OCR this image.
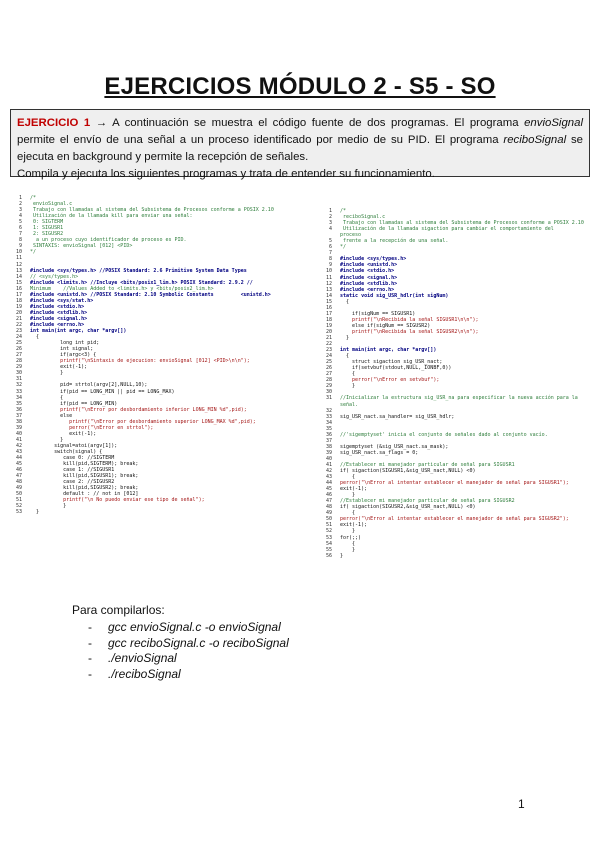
EJERCICIOS MÓDULO 2 - S5 - SO
EJERCICIO 1 → A continuación se muestra el código fuente de dos programas. El programa envioSignal permite el envío de una señal a un proceso identificado por medio de su PID. El programa reciboSignal se ejecuta en background y permite la recepción de señales.
Compila y ejecuta los siguientes programas y trata de entender su funcionamiento.
1 /*
2 envioSignal.c
3 Trabajo con llamadas al sistema del Subsistema de Procesos conforme a POSIX 2.10
4 Utilización de la llamada kill para enviar una señal:
5 0: SIGTERM
6 1: SIGUSR1
7 2: SIGUSR2
8  a un proceso cuyo identificador de proceso es PID.
9 SINTAXIS: envioSignal [012] <PID>
10 */
11
12
13 #include <sys/types.h> //POSIX Standard: 2.6 Primitive System Data Types
14 // <sys/types.h>
15 #include <limits.h> //Incluye <bits/posix1_lim.h> POSIX Standard: 2.9.2 //
16 Minimum    //Values Added to <limits.h> y <bits/posix2_lim.h>
17 #include <unistd.h> //POSIX Standard: 2.10 Symbolic Constants         <unistd.h>
18 #include <sys/stat.h>
19 #include <stdio.h>
20 #include <stdlib.h>
21 #include <signal.h>
22 #include <errno.h>
23 int main(int argc, char *argv[])
24  {
25          long int pid;
26          int signal;
27          if(argc<3) {
28          printf("\nSintaxis de ejecucion: envioSignal [012] <PID>\n\n");
29          exit(-1);
30          }
31
32          pid= strtol(argv[2],NULL,10);
33          if(pid == LONG_MIN || pid == LONG_MAX)
34          {
35          if(pid == LONG_MIN)
36          printf("\nError por desbordamiento inferior LONG_MIN %d",pid);
37          else
38             printf("\nError por desbordamiento superior LONG_MAX %d",pid);
39             perror("\nError en strtol");
40             exit(-1);
41          }
42        signal=atoi(argv[1]);
43        switch(signal) {
44           case 0: //SIGTERM
45           kill(pid,SIGTERM); break;
46           case 1: //SIGUSR1
47           kill(pid,SIGUSR1); break;
48           case 2: //SIGUSR2
49           kill(pid,SIGUSR2); break;
50           default : // not in [012]
51           printf("\n No puedo enviar ese tipo de señal");
52           }
53  }
1 /*
2 reciboSignal.c
3 Trabajo con llamadas al sistema del Subsistema de Procesos conforme a POSIX 2.10
4 Utilización de la llamada sigaction para cambiar el comportamiento del
proceso
5 frente a la recepción de una señal.
6 */
7
8 #include <sys/types.h>
9 #include <unistd.h>
10 #include <stdio.h>
11 #include <signal.h>
12 #include <stdlib.h>
13 #include <errno.h>
14 static void sig_USR_hdlr(int sigNum)
15  {
16
17    if(sigNum == SIGUSR1)
18    printf("\nRecibida la señal SIGUSR1\n\n");
19    else if(sigNum == SIGUSR2)
20    printf("\nRecibida la señal SIGUSR2\n\n");
21  }
22
23 int main(int argc, char *argv[])
24  {
25    struct sigaction sig_USR_nact;
26    if(setvbuf(stdout,NULL,_IONBF,0))
27    {
28    perror("\nError en setvbuf");
29    }
30
31 //Inicializar la estructura sig_USR_na para especificar la nueva acción para la
señal.
32
33 sig_USR_nact.sa_handler= sig_USR_hdlr;
34
35
36 //'sigemptyset' inicia el conjunto de señales dado al conjunto vacío.
37
38 sigemptyset (&sig_USR_nact.sa_mask);
39 sig_USR_nact.sa_flags = 0;
40
41 //Establecer mi manejador particular de señal para SIGUSR1
42 if( sigaction(SIGUSR1,&sig_USR_nact,NULL) <0)
43    {
44 perror("\nError al intentar establecer el manejador de señal para SIGUSR1");
45 exit(-1);
46    }
47 //Establecer mi manejador particular de señal para SIGUSR2
48 if( sigaction(SIGUSR2,&sig_USR_nact,NULL) <0)
49    {
50 perror("\nError al intentar establecer el manejador de señal para SIGUSR2");
51 exit(-1);
52    }
53 for(;;)
54    {
55    }
56 }
Para compilarlos:
- gcc envioSignal.c -o envioSignal
- gcc reciboSignal.c -o reciboSignal
- ./envioSignal
- ./reciboSignal
1
